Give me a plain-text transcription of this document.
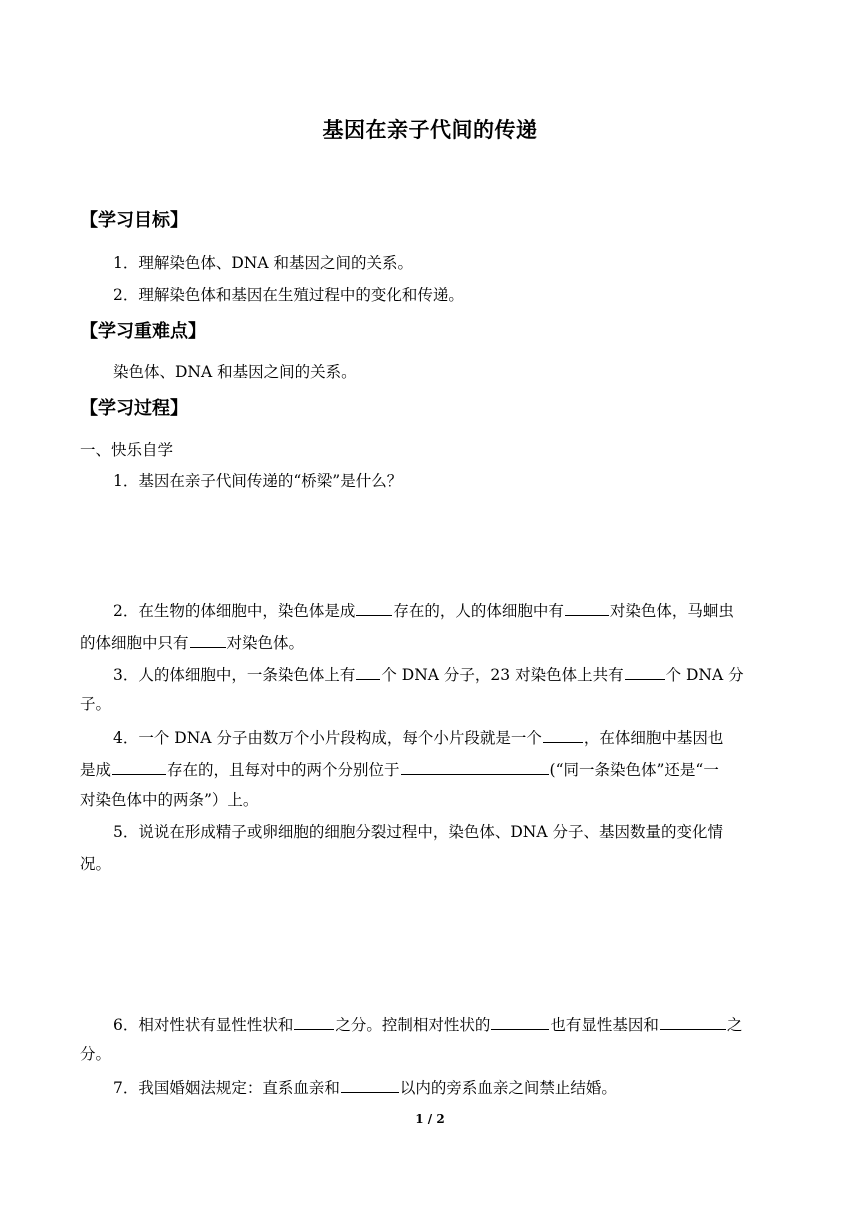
基因在亲子代间的传递
【学习目标】
1．理解染色体、DNA 和基因之间的关系。
2．理解染色体和基因在生殖过程中的变化和传递。
【学习重难点】
染色体、DNA 和基因之间的关系。
【学习过程】
一、快乐自学
1．基因在亲子代间传递的“桥梁”是什么？
2．在生物的体细胞中，染色体是成 存在的，人的体细胞中有	对染色体，马蛔虫
的体细胞中只有 对染色体。
3．人的体细胞中，一条染色体上有 个 DNA 分子，23 对染色体上共有	个 DNA 分
子。
4．一个 DNA 分子由数万个小片段构成，每个小片段就是一个	，在体细胞中基因也
是成	存在的，且每对中的两个分别位于	(“同一条染色体”还是“一
对染色体中的两条”）上。
5．说说在形成精子或卵细胞的细胞分裂过程中，染色体、DNA 分子、基因数量的变化情
况。
6．相对性状有显性性状和	之分。控制相对性状的	也有显性基因和	之
分。
7．我国婚姻法规定：直系血亲和	以内的旁系血亲之间禁止结婚。
1 / 2
